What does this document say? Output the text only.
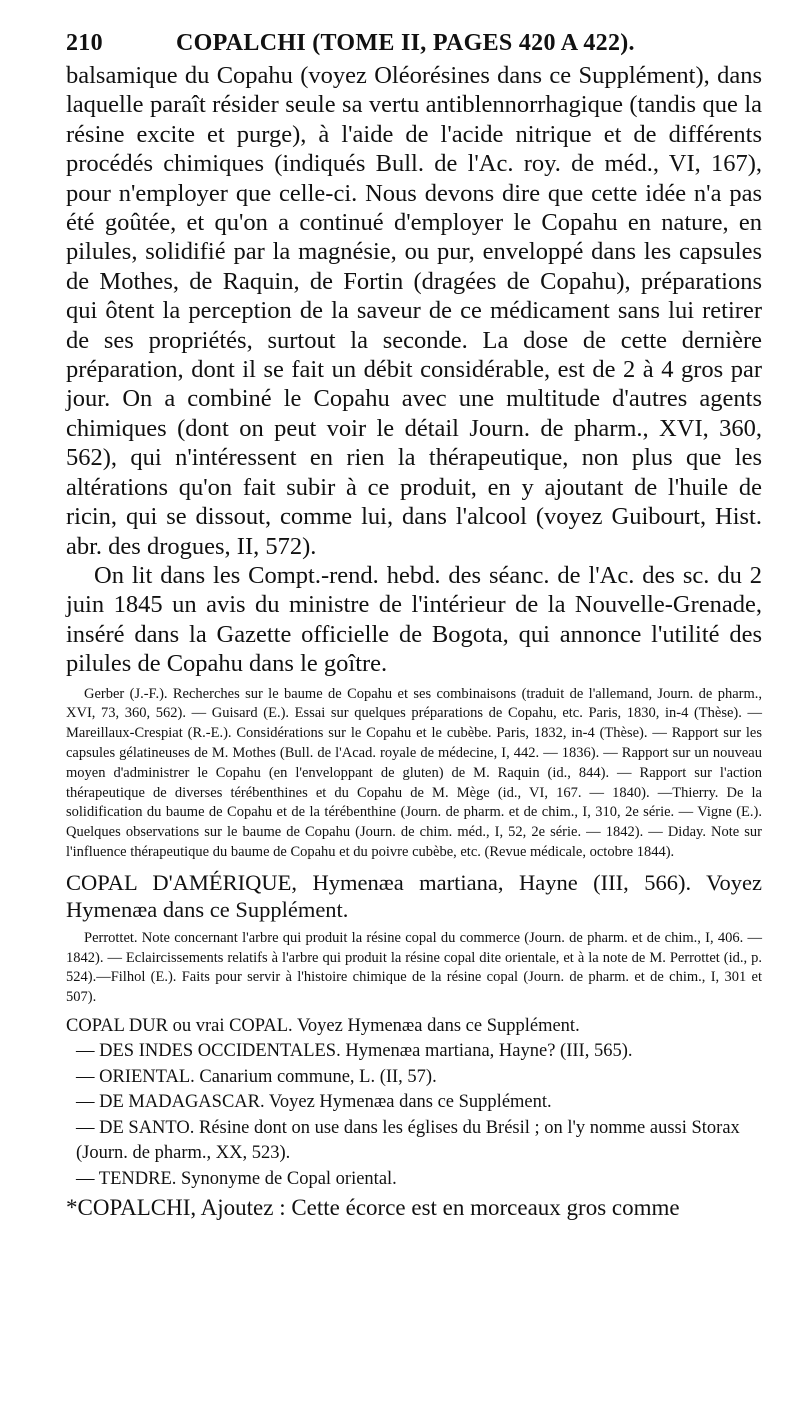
210	COPALCHI (TOME II, PAGES 420 A 422).

balsamique du Copahu (voyez Oléorésines dans ce Supplément), dans laquelle paraît résider seule sa vertu antiblennorrhagique (tandis que la résine excite et purge), à l'aide de l'acide nitrique et de différents procédés chimiques (indiqués Bull. de l'Ac. roy. de méd., VI, 167), pour n'employer que celle-ci. Nous devons dire que cette idée n'a pas été goûtée, et qu'on a continué d'employer le Copahu en nature, en pilules, solidifié par la magnésie, ou pur, enveloppé dans les capsules de Mothes, de Raquin, de Fortin (dragées de Copahu), préparations qui ôtent la perception de la saveur de ce médicament sans lui retirer de ses propriétés, surtout la seconde. La dose de cette dernière préparation, dont il se fait un débit considérable, est de 2 à 4 gros par jour. On a combiné le Copahu avec une multitude d'autres agents chimiques (dont on peut voir le détail Journ. de pharm., XVI, 360, 562), qui n'intéressent en rien la thérapeutique, non plus que les altérations qu'on fait subir à ce produit, en y ajoutant de l'huile de ricin, qui se dissout, comme lui, dans l'alcool (voyez Guibourt, Hist. abr. des drogues, II, 572).

On lit dans les Compt.-rend. hebd. des séanc. de l'Ac. des sc. du 2 juin 1845 un avis du ministre de l'intérieur de la Nouvelle-Grenade, inséré dans la Gazette officielle de Bogota, qui annonce l'utilité des pilules de Copahu dans le goître.

Gerber (J.-F.). Recherches sur le baume de Copahu et ses combinaisons (traduit de l'allemand, Journ. de pharm., XVI, 73, 360, 562). — Guisard (E.). Essai sur quelques préparations de Copahu, etc. Paris, 1830, in-4 (Thèse). — Mareillaux-Crespiat (R.-E.). Considérations sur le Copahu et le cubèbe. Paris, 1832, in-4 (Thèse). — Rapport sur les capsules gélatineuses de M. Mothes (Bull. de l'Acad. royale de médecine, I, 442. — 1836). — Rapport sur un nouveau moyen d'administrer le Copahu (en l'enveloppant de gluten) de M. Raquin (id., 844). — Rapport sur l'action thérapeutique de diverses térébenthines et du Copahu de M. Mège (id., VI, 167. — 1840). —Thierry. De la solidification du baume de Copahu et de la térébenthine (Journ. de pharm. et de chim., I, 310, 2e série. — Vigne (E.). Quelques observations sur le baume de Copahu (Journ. de chim. méd., I, 52, 2e série. — 1842). — Diday. Note sur l'influence thérapeutique du baume de Copahu et du poivre cubèbe, etc. (Revue médicale, octobre 1844).

COPAL D'AMÉRIQUE, Hymenæa martiana, Hayne (III, 566). Voyez Hymenæa dans ce Supplément.

Perrottet. Note concernant l'arbre qui produit la résine copal du commerce (Journ. de pharm. et de chim., I, 406. — 1842). — Eclaircissements relatifs à l'arbre qui produit la résine copal dite orientale, et à la note de M. Perrottet (id., p. 524).—Filhol (E.). Faits pour servir à l'histoire chimique de la résine copal (Journ. de pharm. et de chim., I, 301 et 507).

COPAL DUR ou vrai COPAL. Voyez Hymenæa dans ce Supplément.

— DES INDES OCCIDENTALES. Hymenæa martiana, Hayne? (III, 565).

— ORIENTAL. Canarium commune, L. (II, 57).

— DE MADAGASCAR. Voyez Hymenæa dans ce Supplément.

— DE SANTO. Résine dont on use dans les églises du Brésil ; on l'y nomme aussi Storax (Journ. de pharm., XX, 523).

— TENDRE. Synonyme de Copal oriental.

*COPALCHI, Ajoutez : Cette écorce est en morceaux gros comme
